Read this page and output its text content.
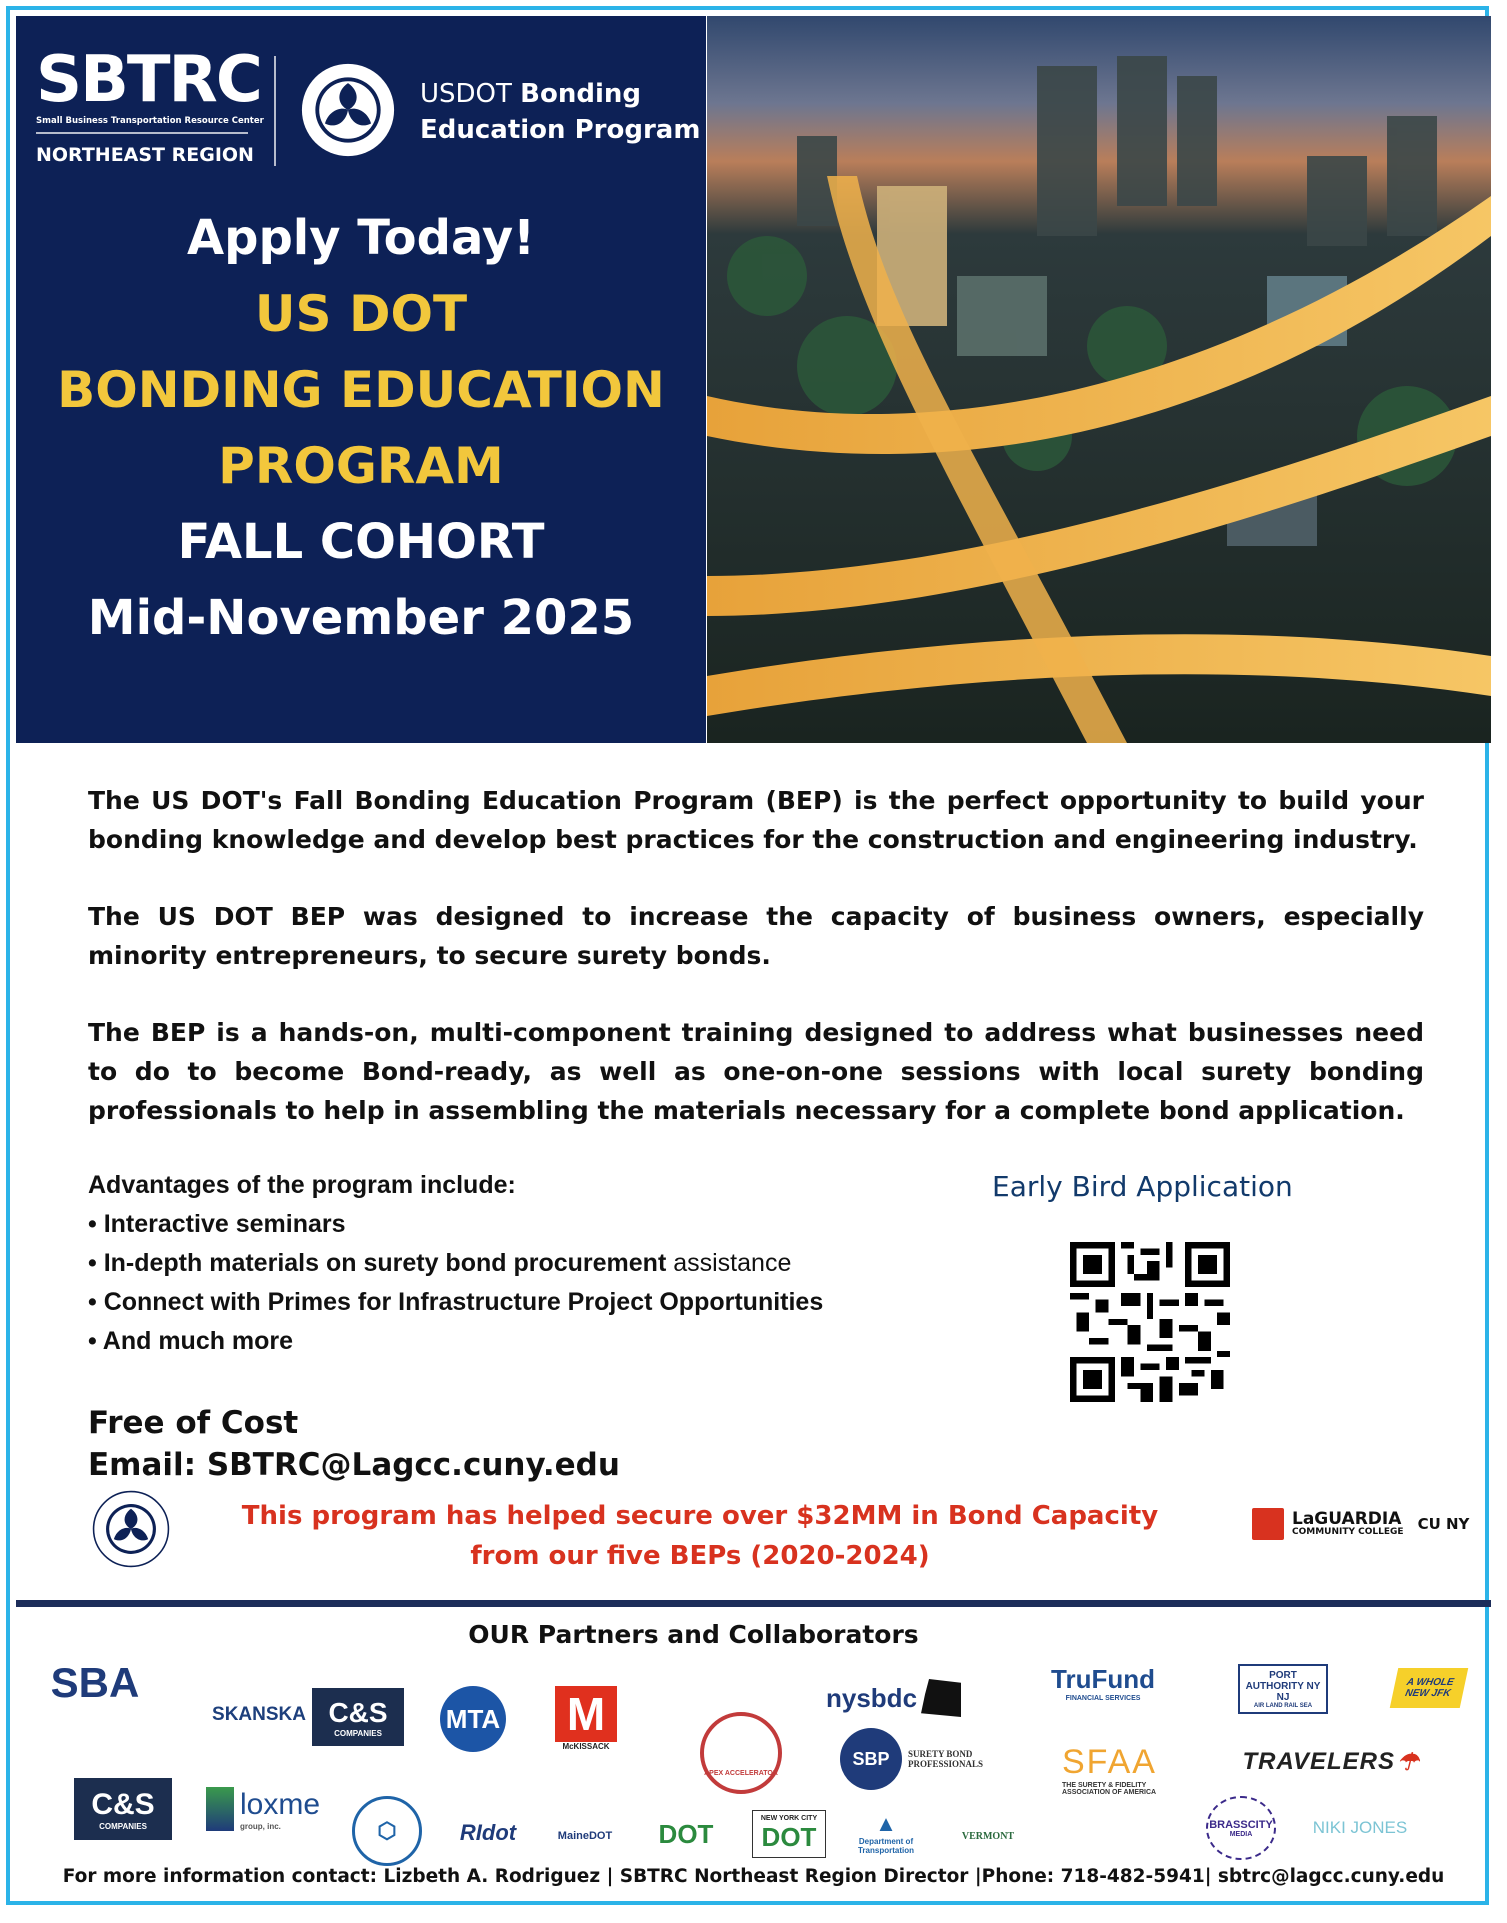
SBTRC
Small Business Transportation Resource Center
NORTHEAST REGION
USDOT Bonding
Education Program
Apply Today!
US DOT
BONDING EDUCATION
PROGRAM
FALL COHORT
Mid-November 2025
The US DOT's Fall Bonding Education Program (BEP) is the perfect opportunity to build your bonding knowledge and develop best practices for the construction and engineering industry.
The US DOT BEP was designed to increase the capacity of business owners, especially minority entrepreneurs, to secure surety bonds.
The BEP is a hands-on, multi-component training designed to address what businesses need to do to become Bond-ready, as well as one-on-one sessions with local surety bonding professionals to help in assembling the materials necessary for a complete bond application.
Advantages of the program include:
• Interactive seminars
• In-depth materials on surety bond procurement assistance
• Connect with Primes for Infrastructure Project Opportunities
• And much more
Early Bird Application
Free of Cost
Email: SBTRC@Lagcc.cuny.edu
This program has helped secure over $32MM in Bond Capacity
from our five BEPs (2020-2024)
LaGUARDIA
COMMUNITY COLLEGE CU NY
OUR Partners and Collaborators
SBA
SKANSKA C&S
COMPANIES MTA M
McKISSACK
APEX ACCELERATOR
nysbdc
SBP	SURETY BOND PROFESSIONALS
TruFund
FINANCIAL SERVICES
SFAA
THE SURETY & FIDELITY ASSOCIATION OF AMERICA
PORT AUTHORITY NY NJ
AIR LAND RAIL SEA
A WHOLE NEW JFK
TRAVELERS ☂
C&S
COMPANIES
loxme
group, inc.	⬡	RIdot	MaineDOT DOT	NEW YORK CITY
DOT	▲
Department of Transportation
VERMONT
BRASSCITY
MEDIA	NIKI JONES
For more information contact: Lizbeth A. Rodriguez | SBTRC Northeast Region Director |Phone: 718-482-5941| sbtrc@lagcc.cuny.edu
